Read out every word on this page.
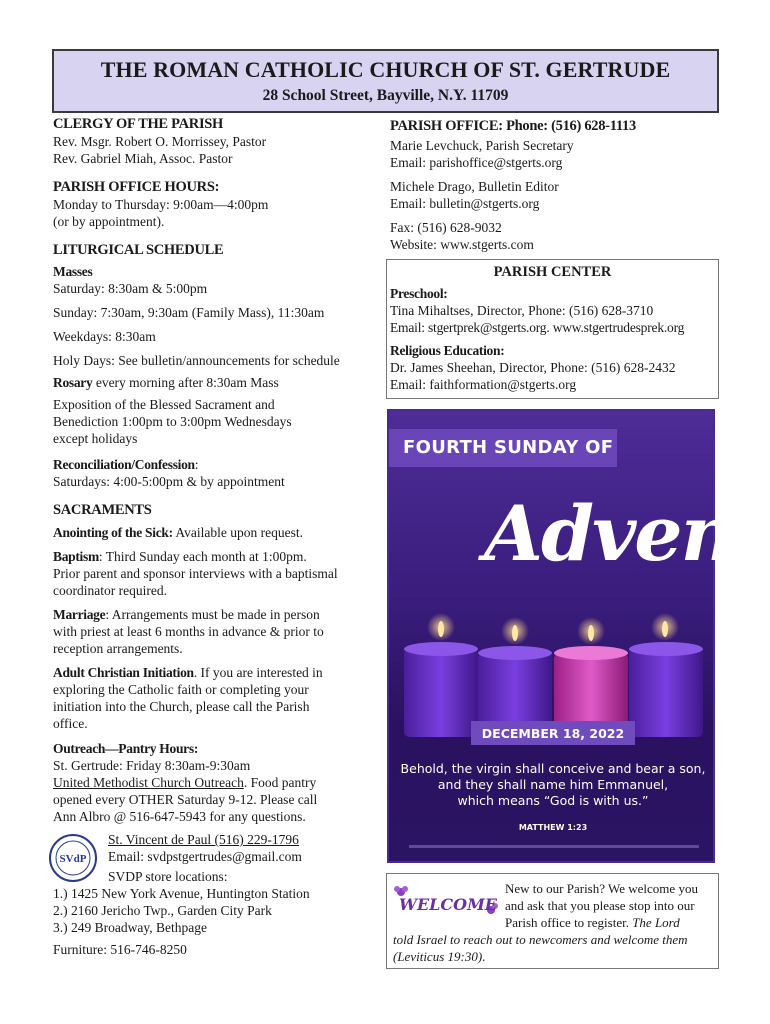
THE ROMAN CATHOLIC CHURCH OF ST. GERTRUDE
28 School Street, Bayville, N.Y. 11709
CLERGY OF THE PARISH
Rev. Msgr. Robert O. Morrissey, Pastor
Rev. Gabriel Miah, Assoc. Pastor
PARISH OFFICE HOURS:
Monday to Thursday: 9:00am—4:00pm
(or by appointment).
LITURGICAL SCHEDULE
Masses
Saturday: 8:30am & 5:00pm
Sunday: 7:30am, 9:30am (Family Mass), 11:30am
Weekdays: 8:30am
Holy Days: See bulletin/announcements for schedule
Rosary every morning after 8:30am Mass
Exposition of the Blessed Sacrament and
Benediction 1:00pm to 3:00pm Wednesdays
except holidays
Reconciliation/Confession:
Saturdays: 4:00-5:00pm & by appointment
SACRAMENTS
Anointing of the Sick: Available upon request.
Baptism: Third Sunday each month at 1:00pm.
Prior parent and sponsor interviews with a baptismal
coordinator required.
Marriage: Arrangements must be made in person
with priest at least 6 months in advance & prior to
reception arrangements.
Adult Christian Initiation. If you are interested in
exploring the Catholic faith or completing your
initiation into the Church, please call the Parish
office.
Outreach—Pantry Hours:
St. Gertrude: Friday 8:30am-9:30am
United Methodist Church Outreach. Food pantry
opened every OTHER Saturday 9-12. Please call
Ann Albro @ 516-647-5943 for any questions.
St. Vincent de Paul (516) 229-1796
Email: svdpstgertrudes@gmail.com
SVDP store locations:
1.) 1425 New York Avenue, Huntington Station
2.) 2160 Jericho Twp., Garden City Park
3.) 249 Broadway, Bethpage
Furniture: 516-746-8250
SVdP
PARISH OFFICE: Phone: (516) 628-1113
Marie Levchuck, Parish Secretary
Email: parishoffice@stgerts.org
Michele Drago, Bulletin Editor
Email: bulletin@stgerts.org
Fax: (516) 628-9032
Website: www.stgerts.com
PARISH CENTER
Preschool:
Tina Mihaltses, Director, Phone: (516) 628-3710
Email: stgertprek@stgerts.org. www.stgertrudesprek.org
Religious Education:
Dr. James Sheehan, Director, Phone: (516) 628-2432
Email: faithformation@stgerts.org
FOURTH SUNDAY OF
Advent
DECEMBER 18, 2022
Behold, the virgin shall conceive and bear a son,
and they shall name him Emmanuel,
which means “God is with us.”
MATTHEW 1:23
WELCOME
New to our Parish? We welcome you
and ask that you please stop into our
Parish office to register. The Lord
told Israel to reach out to newcomers and welcome them
(Leviticus 19:30).
